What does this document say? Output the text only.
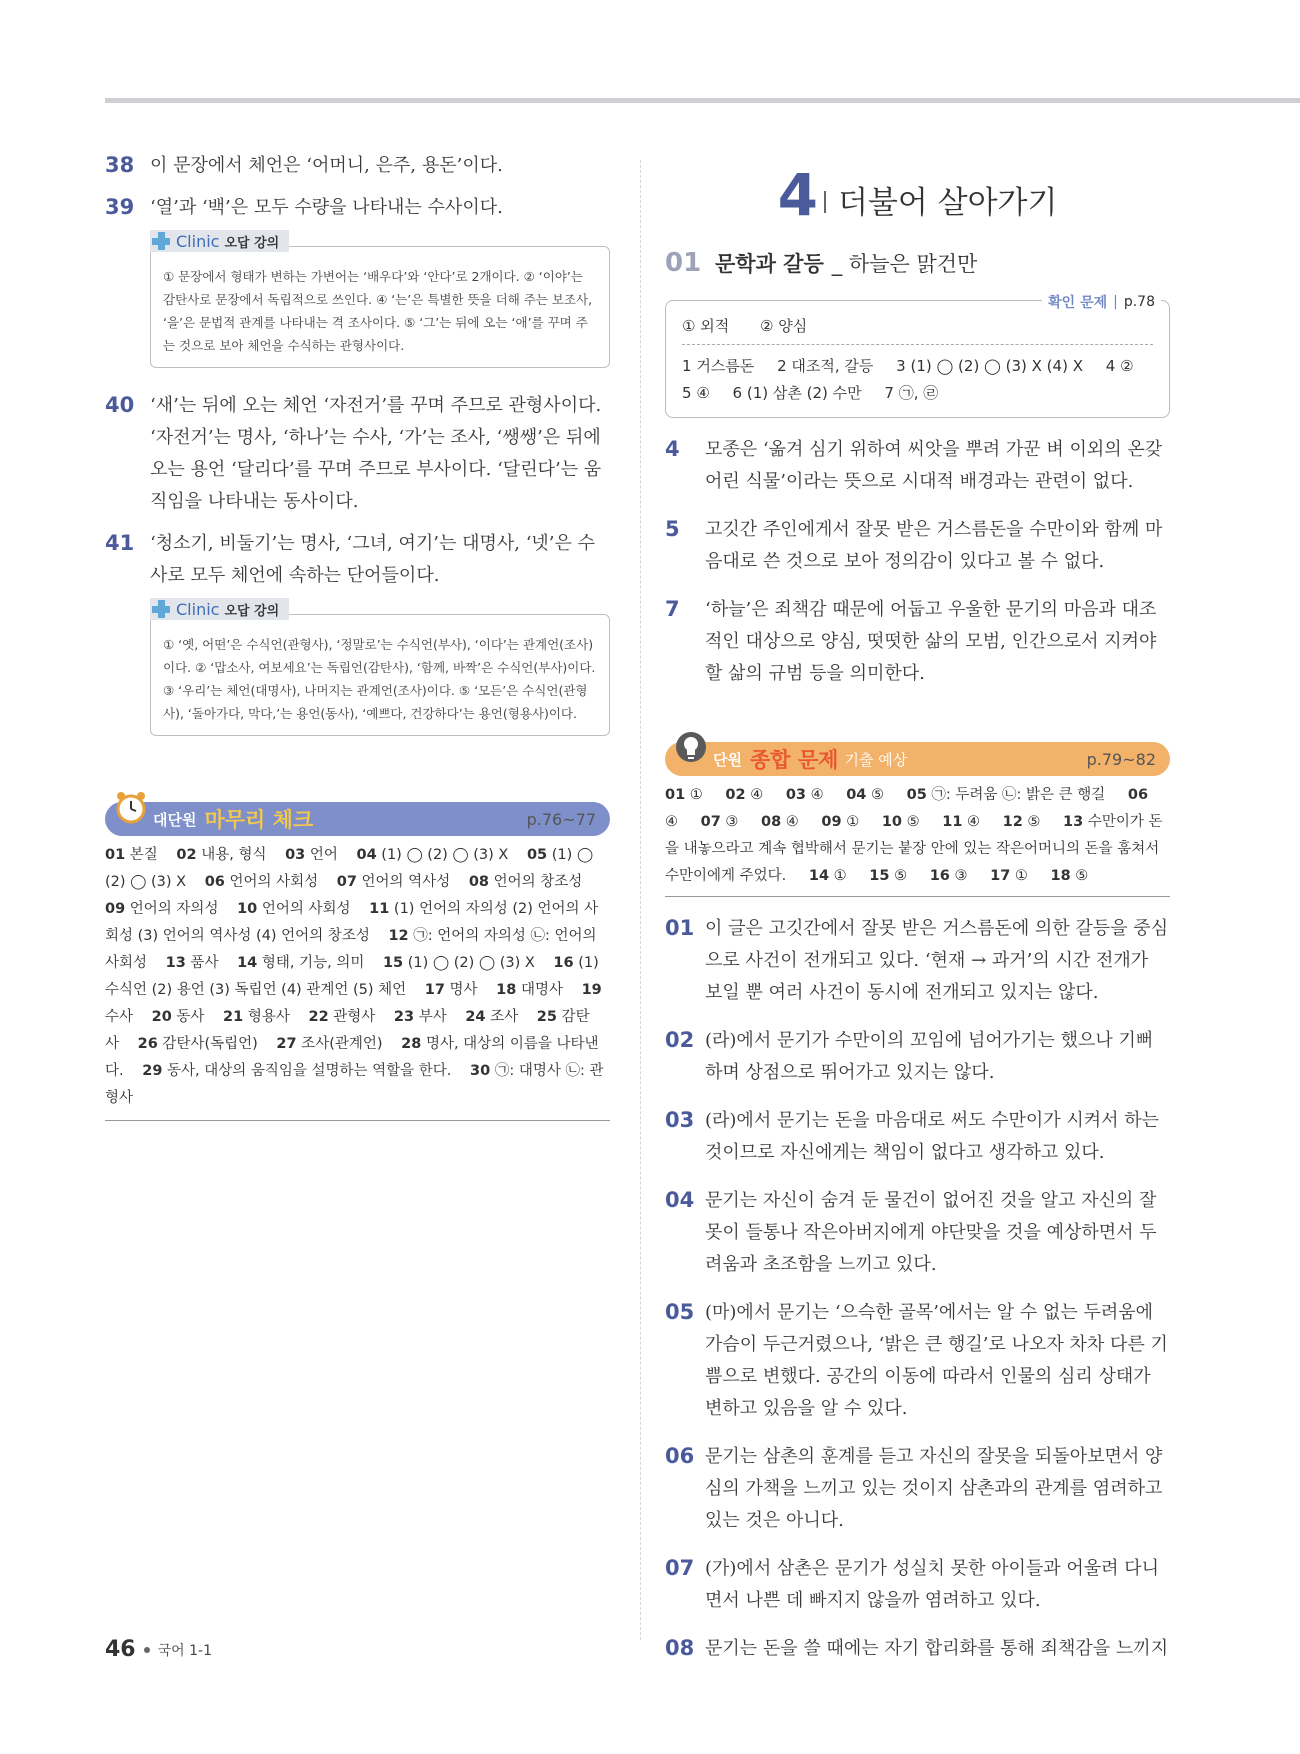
38 이 문장에서 체언은 ‘어머니, 은주, 용돈’이다.
39 ‘열’과 ‘백’은 모두 수량을 나타내는 수사이다.
Clinic 오답 강의
① 문장에서 형태가 변하는 가변어는 ‘배우다’와 ‘안다’로 2개이다. ② ‘이야’는 감탄사로 문장에서 독립적으로 쓰인다. ④ ‘는’은 특별한 뜻을 더해 주는 보조사, ‘을’은 문법적 관계를 나타내는 격 조사이다. ⑤ ‘그’는 뒤에 오는 ‘애’를 꾸며 주는 것으로 보아 체언을 수식하는 관형사이다.
40 ‘새’는 뒤에 오는 체언 ‘자전거’를 꾸며 주므로 관형사이다. ‘자전거’는 명사, ‘하나’는 수사, ‘가’는 조사, ‘쌩쌩’은 뒤에 오는 용언 ‘달리다’를 꾸며 주므로 부사이다. ‘달린다’는 움직임을 나타내는 동사이다.
41 ‘청소기, 비둘기’는 명사, ‘그녀, 여기’는 대명사, ‘넷’은 수사로 모두 체언에 속하는 단어들이다.
Clinic 오답 강의
① ‘옛, 어떤’은 수식언(관형사), ‘정말로’는 수식언(부사), ‘이다’는 관계언(조사)이다. ② ‘맙소사, 여보세요’는 독립언(감탄사), ‘함께, 바짝’은 수식언(부사)이다. ③ ‘우리’는 체언(대명사), 나머지는 관계언(조사)이다. ⑤ ‘모든’은 수식언(관형사), ‘돌아가다, 막다,’는 용언(동사), ‘예쁘다, 건강하다’는 용언(형용사)이다.
대단원 마무리 체크	p.76~77
01 본질 02 내용, 형식 03 언어 04 (1) ◯ (2) ◯ (3) X 05 (1) ◯ (2) ◯ (3) X 06 언어의 사회성 07 언어의 역사성 08 언어의 창조성 09 언어의 자의성 10 언어의 사회성 11 (1) 언어의 자의성 (2) 언어의 사회성 (3) 언어의 역사성 (4) 언어의 창조성 12 ㉠: 언어의 자의성 ㉡: 언어의 사회성 13 품사 14 형태, 기능, 의미 15 (1) ◯ (2) ◯ (3) X 16 (1) 수식언 (2) 용언 (3) 독립언 (4) 관계언 (5) 체언 17 명사 18 대명사 19 수사 20 동사 21 형용사 22 관형사 23 부사 24 조사 25 감탄사 26 감탄사(독립언) 27 조사(관계언) 28 명사, 대상의 이름을 나타낸다. 29 동사, 대상의 움직임을 설명하는 역할을 한다. 30 ㉠: 대명사 ㉡: 관형사
4 더불어 살아가기
01 문학과 갈등 _ 하늘은 맑건만
확인 문제 | p.78
① 외적 ② 양심
1 거스름돈 2 대조적, 갈등 3 (1) ◯ (2) ◯ (3) X (4) X 4 ② 5 ④ 6 (1) 삼촌 (2) 수만 7 ㉠, ㉣
4	모종은 ‘옮겨 심기 위하여 씨앗을 뿌려 가꾼 벼 이외의 온갖 어린 식물’이라는 뜻으로 시대적 배경과는 관련이 없다.
5	고깃간 주인에게서 잘못 받은 거스름돈을 수만이와 함께 마음대로 쓴 것으로 보아 정의감이 있다고 볼 수 없다.
7	‘하늘’은 죄책감 때문에 어둡고 우울한 문기의 마음과 대조적인 대상으로 양심, 떳떳한 삶의 모범, 인간으로서 지켜야 할 삶의 규범 등을 의미한다.
단원 종합 문제 기출 예상	p.79~82
01 ① 02 ④ 03 ④ 04 ⑤ 05 ㉠: 두려움 ㉡: 밝은 큰 행길 06 ④ 07 ③ 08 ④ 09 ① 10 ⑤ 11 ④ 12 ⑤ 13 수만이가 돈을 내놓으라고 계속 협박해서 문기는 붙장 안에 있는 작은어머니의 돈을 훔쳐서 수만이에게 주었다. 14 ① 15 ⑤ 16 ③ 17 ① 18 ⑤
01 이 글은 고깃간에서 잘못 받은 거스름돈에 의한 갈등을 중심으로 사건이 전개되고 있다. ‘현재 → 과거’의 시간 전개가 보일 뿐 여러 사건이 동시에 전개되고 있지는 않다.
02 (라)에서 문기가 수만이의 꼬임에 넘어가기는 했으나 기뻐하며 상점으로 뛰어가고 있지는 않다.
03 (라)에서 문기는 돈을 마음대로 써도 수만이가 시켜서 하는 것이므로 자신에게는 책임이 없다고 생각하고 있다.
04 문기는 자신이 숨겨 둔 물건이 없어진 것을 알고 자신의 잘못이 들통나 작은아버지에게 야단맞을 것을 예상하면서 두려움과 초조함을 느끼고 있다.
05 (마)에서 문기는 ‘으슥한 골목’에서는 알 수 없는 두려움에 가슴이 두근거렸으나, ‘밝은 큰 행길’로 나오자 차차 다른 기쁨으로 변했다. 공간의 이동에 따라서 인물의 심리 상태가 변하고 있음을 알 수 있다.
06 문기는 삼촌의 훈계를 듣고 자신의 잘못을 되돌아보면서 양심의 가책을 느끼고 있는 것이지 삼촌과의 관계를 염려하고 있는 것은 아니다.
07 (가)에서 삼촌은 문기가 성실치 못한 아이들과 어울려 다니면서 나쁜 데 빠지지 않을까 염려하고 있다.
08 문기는 돈을 쓸 때에는 자기 합리화를 통해 죄책감을 느끼지
46 국어 1-1
